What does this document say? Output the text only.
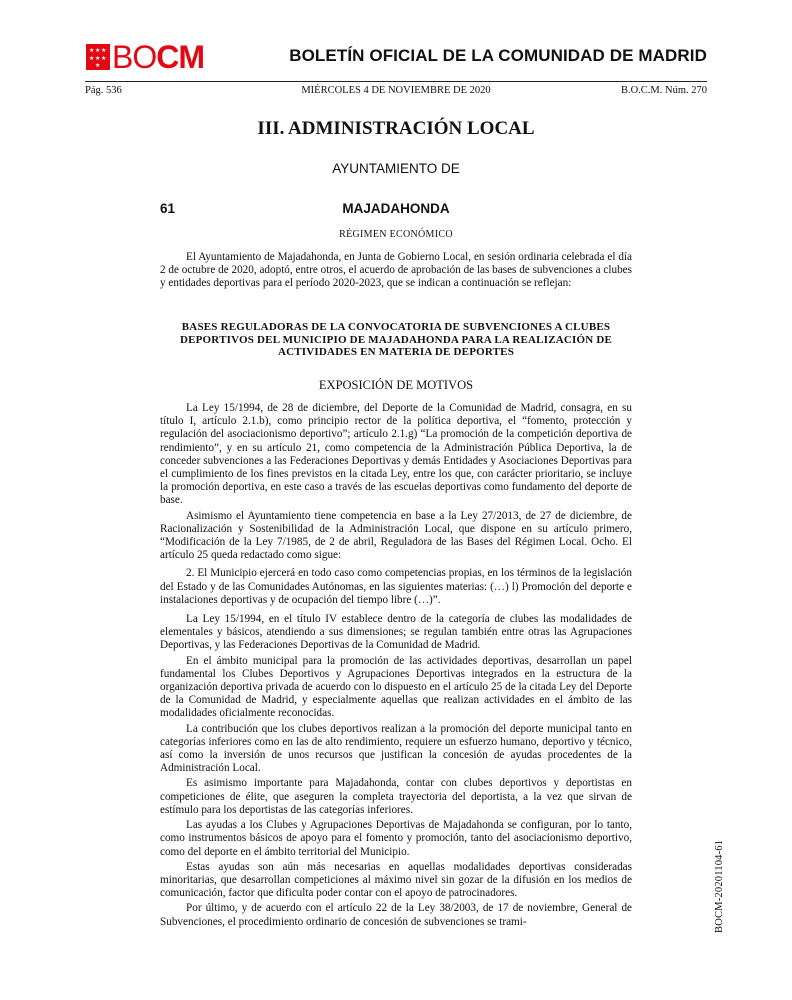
★ ★ ★
★ ★ ★
★ BOCM	BOLETÍN OFICIAL DE LA COMUNIDAD DE MADRID
Pág. 536	MIÉRCOLES 4 DE NOVIEMBRE DE 2020	B.O.C.M. Núm. 270
III. ADMINISTRACIÓN LOCAL
AYUNTAMIENTO DE
61	MAJADAHONDA
RÉGIMEN ECONÓMICO

El Ayuntamiento de Majadahonda, en Junta de Gobierno Local, en sesión ordinaria celebrada el día 2 de octubre de 2020, adoptó, entre otros, el acuerdo de aprobación de las bases de subvenciones a clubes y entidades deportivas para el período 2020-2023, que se indican a continuación se reflejan:

BASES REGULADORAS DE LA CONVOCATORIA DE SUBVENCIONES A CLUBES DEPORTIVOS DEL MUNICIPIO DE MAJADAHONDA PARA LA REALIZACIÓN DE ACTIVIDADES EN MATERIA DE DEPORTES
EXPOSICIÓN DE MOTIVOS

La Ley 15/1994, de 28 de diciembre, del Deporte de la Comunidad de Madrid, consagra, en su título I, artículo 2.1.b), como principio rector de la política deportiva, el “fomento, protección y regulación del asociacionismo deportivo”; artículo 2.1.g) “La promoción de la competición deportiva de rendimiento”, y en su artículo 21, como competencia de la Administración Pública Deportiva, la de conceder subvenciones a las Federaciones Deportivas y demás Entidades y Asociaciones Deportivas para el cumplimiento de los fines previstos en la citada Ley, entre los que, con carácter prioritario, se incluye la promoción deportiva, en este caso a través de las escuelas deportivas como fundamento del deporte de base.

Asimismo el Ayuntamiento tiene competencia en base a la Ley 27/2013, de 27 de diciembre, de Racionalización y Sostenibilidad de la Administración Local, que dispone en su artículo primero, “Modificación de la Ley 7/1985, de 2 de abril, Reguladora de las Bases del Régimen Local. Ocho. El artículo 25 queda redactado como sigue:

2. El Municipio ejercerá en todo caso como competencias propias, en los términos de la legislación del Estado y de las Comunidades Autónomas, en las siguientes materias: (…) l) Promoción del deporte e instalaciones deportivas y de ocupación del tiempo libre (…)”.

La Ley 15/1994, en el título IV establece dentro de la categoría de clubes las modalidades de elementales y básicos, atendiendo a sus dimensiones; se regulan también entre otras las Agrupaciones Deportivas, y las Federaciones Deportivas de la Comunidad de Madrid.

En el ámbito municipal para la promoción de las actividades deportivas, desarrollan un papel fundamental los Clubes Deportivos y Agrupaciones Deportivas integrados en la estructura de la organización deportiva privada de acuerdo con lo dispuesto en el artículo 25 de la citada Ley del Deporte de la Comunidad de Madrid, y especialmente aquellas que realizan actividades en el ámbito de las modalidades oficialmente reconocidas.

La contribución que los clubes deportivos realizan a la promoción del deporte municipal tanto en categorías inferiores como en las de alto rendimiento, requiere un esfuerzo humano, deportivo y técnico, así como la inversión de unos recursos que justifican la concesión de ayudas procedentes de la Administración Local.

Es asimismo importante para Majadahonda, contar con clubes deportivos y deportistas en competiciones de élite, que aseguren la completa trayectoria del deportista, a la vez que sirvan de estímulo para los deportistas de las categorías inferiores.

Las ayudas a los Clubes y Agrupaciones Deportivas de Majadahonda se configuran, por lo tanto, como instrumentos básicos de apoyo para el fomento y promoción, tanto del asociacionismo deportivo, como del deporte en el ámbito territorial del Municipio.

Estas ayudas son aún más necesarias en aquellas modalidades deportivas consideradas minoritarias, que desarrollan competiciones al máximo nivel sin gozar de la difusión en los medios de comunicación, factor que dificulta poder contar con el apoyo de patrocinadores.

Por último, y de acuerdo con el artículo 22 de la Ley 38/2003, de 17 de noviembre, General de Subvenciones, el procedimiento ordinario de concesión de subvenciones se trami-	BOCM-20201104-61
